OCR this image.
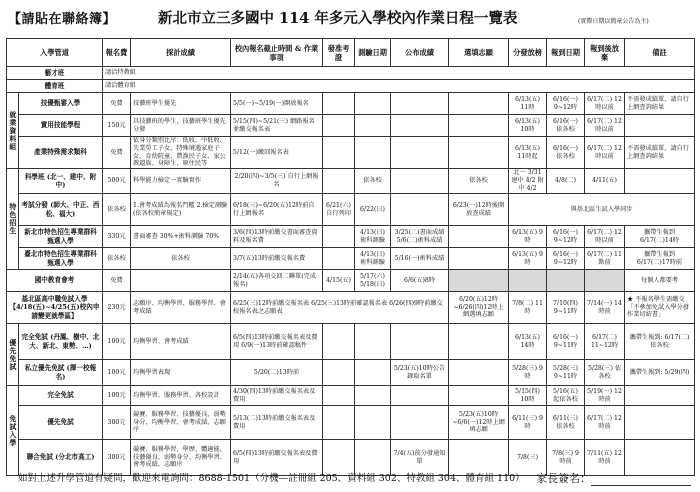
【請貼在聯絡簿】	新北市立三多國中 114 年多元入學校內作業日程一覽表	(實際日期以簡章公告為主)
入學管道		報名費	採計成績	校內報名截止時間 & 作業事項	發准考證	測驗日期	公布成績	選填志願	分發放榜	報到日期	報到後放棄	備註
藝才班		請洽特教組										
體育班		請洽體育組										
就業資料組	技優甄審入學	免費	技藝班學生優先	5/5(一)~5/19(一)開放報名					6/13(五) 11時	6/16(一) 9~12時	6/17(二) 12時以前	不需發成績單，請自行上網查詢結果
	實用技能學程	150元	具技藝班的學生，技藝班學生優先分發	5/15(四)~5/21(三) 網路報名並繳交報名表					6/13(五) 10時	6/16(一) 依各校	6/17(二) 12時以前	
	產業特殊需求類科	免費	依身分類別比序：低收、中低收、失業勞工子女、特殊境遇家庭子女、育幼院童、農漁民子女、家公教遺族、身障生、原住民等	5/12(一)繳回報名表					6/13(五) 11時起	6/16(一) 依各校	6/17(二) 12時以前	不需發成績單，請自行上網查詢結果
特色招生	科學班 (北一、建中、附中)	500元	科學能力檢定一實驗實作	2/20(四)~3/5(三) 自行上網報名		依各校		依各校	北一 3/31 建中 4/2 附中 4/2	4/8(二)	4/11(五)	
	考試分發 (師大、中正、西松、福大)	依各校	1.會考成績為報名門檻 2.檢定測驗(依各校簡章規定)	6/18(三)~6/20(五)12時前自行上網報名	6/21(六)自行列印	6/22(日)		6/23(一)12時後開放查成績	與基北區生試入學同步			
	新北市特色招生專業群科甄選入學	330元	書面審查 30%+術科測驗 70%	3/6(四)13時前繳交書面審查資料及報名費		4/13(日) 術科測驗	3/25(二)書面成績 5/6(二)術科成績		6/13(五) 9時	6/16(一) 9~12時	6/17(二) 12時以前	攜帶生報到 6/17(二)14時
	臺北市特色招生專業群科甄選入學	依各校	依各校	3/7(五)13時前繳交報名費		4/13(日) 術科測驗	5/16(一)術科成績		6/13(五) 9時	6/16(一) 9~12時	6/17(二) 11點前	攜帶生報到 6/17(二)17時前
國中教育會考		免費		2/14(五)各項交回二聯單(完成報名)	4/15(五)	5/17(六) 5/18(日)	6/6(五)8時					每個人都要考
基北區高中職免試入學【4/18(五)~4/25(五)校內申請變更就學區】		230元	志願序、均衡學習、服務學習、會考成績	6/25(三)12時前繳交報名表 6/25(三)13時前確認報名表 6/26(四)9時前繳交校報名表之志願表				6/20(五)12時~6/26(四)12時上網選填志願	7/8(二) 11時	7/10(四) 9~11時	7/14(一) 14時前	★ 不報名學生需繳交「不參加免試入學分發作業切結書」
優先免試	完全免試 (丹鳳、樹中、北大、新北、東勢、…)	100元	均衡學習、會考成績	6/5(四)13時前繳交報名表及費用 6/9(一)13時前確認稿件					6/13(五) 14時	6/16(一) 9~11時	6/17(二) 11~12時	攜帶生報到: 6/17(二) 依各校
	私立優先免試 (擇一校報名)	100元	均衡學習表現	5/20(二)13時前			5/23(五)10時公告錄取名單		5/28(三) 9時	5/28(三) 9~11時	5/28(三) 依各校	攜帶生報到: 5/29(四)
免試入學	完全免試	100元	均衡學習、服務學習、各校設計	4/30(四)13時前繳交報名表及費用					5/15(四) 10時	5/16(五) 起依各校	5/19(一) 12時前	
	優先免試	300元	競賽、服務學習、技藝優良、弱勢身分、均衡學習、會考成績、志願序	5/13(二)13時前繳交報名表及費用				5/23(五)10時~6/6(一)12時上網填志願	6/11(三) 9時	6/11(三) 依各校	6/17(二) 12時前	
	聯合免試 (分北市高工)	300元	競賽、服務學習、學歷、體適能、技藝優良、弱勢身分、均衡學習、會考成績、志願序	6/5(四)13時前繳交報名表及費用			7/4(五)前分發通知單		7/8(三)	7/8(三) 9時前	7/11(五) 12時前	
如對上述升學管道有疑問，歡迎來電詢問：8688-1501（分機—註冊組 205、資料組 302、特教組 304、體育組 110） 家長簽名：
